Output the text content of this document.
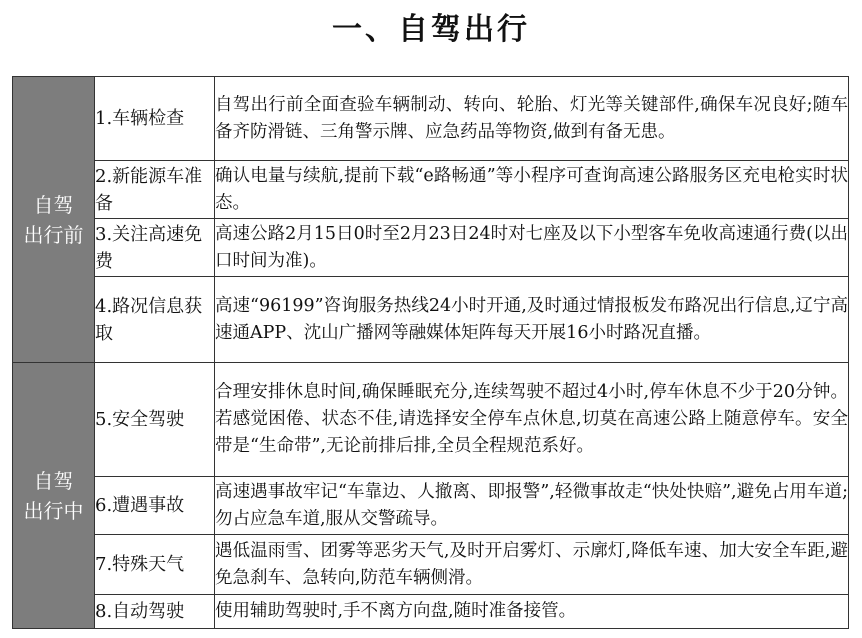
一、自驾出行
自驾
出行前	1.车辆检查	自驾出行前全面查验车辆制动、转向、轮胎、灯光等关键部件,确保车况良好;随车备齐防滑链、三角警示牌、应急药品等物资,做到有备无患。
	2.新能源车准备	确认电量与续航,提前下载“e路畅通”等小程序可查询高速公路服务区充电枪实时状态。
	3.关注高速免费	高速公路2月15日0时至2月23日24时对七座及以下小型客车免收高速通行费(以出口时间为准)。
	4.路况信息获取	高速“96199”咨询服务热线24小时开通,及时通过情报板发布路况出行信息,辽宁高速通APP、沈山广播网等融媒体矩阵每天开展16小时路况直播。

自驾
出行中	5.安全驾驶	合理安排休息时间,确保睡眠充分,连续驾驶不超过4小时,停车休息不少于20分钟。若感觉困倦、状态不佳,请选择安全停车点休息,切莫在高速公路上随意停车。安全带是“生命带”,无论前排后排,全员全程规范系好。
	6.遭遇事故	高速遇事故牢记“车靠边、人撤离、即报警”,轻微事故走“快处快赔”,避免占用车道;勿占应急车道,服从交警疏导。
	7.特殊天气	遇低温雨雪、团雾等恶劣天气,及时开启雾灯、示廓灯,降低车速、加大安全车距,避免急刹车、急转向,防范车辆侧滑。
	8.自动驾驶	使用辅助驾驶时,手不离方向盘,随时准备接管。
